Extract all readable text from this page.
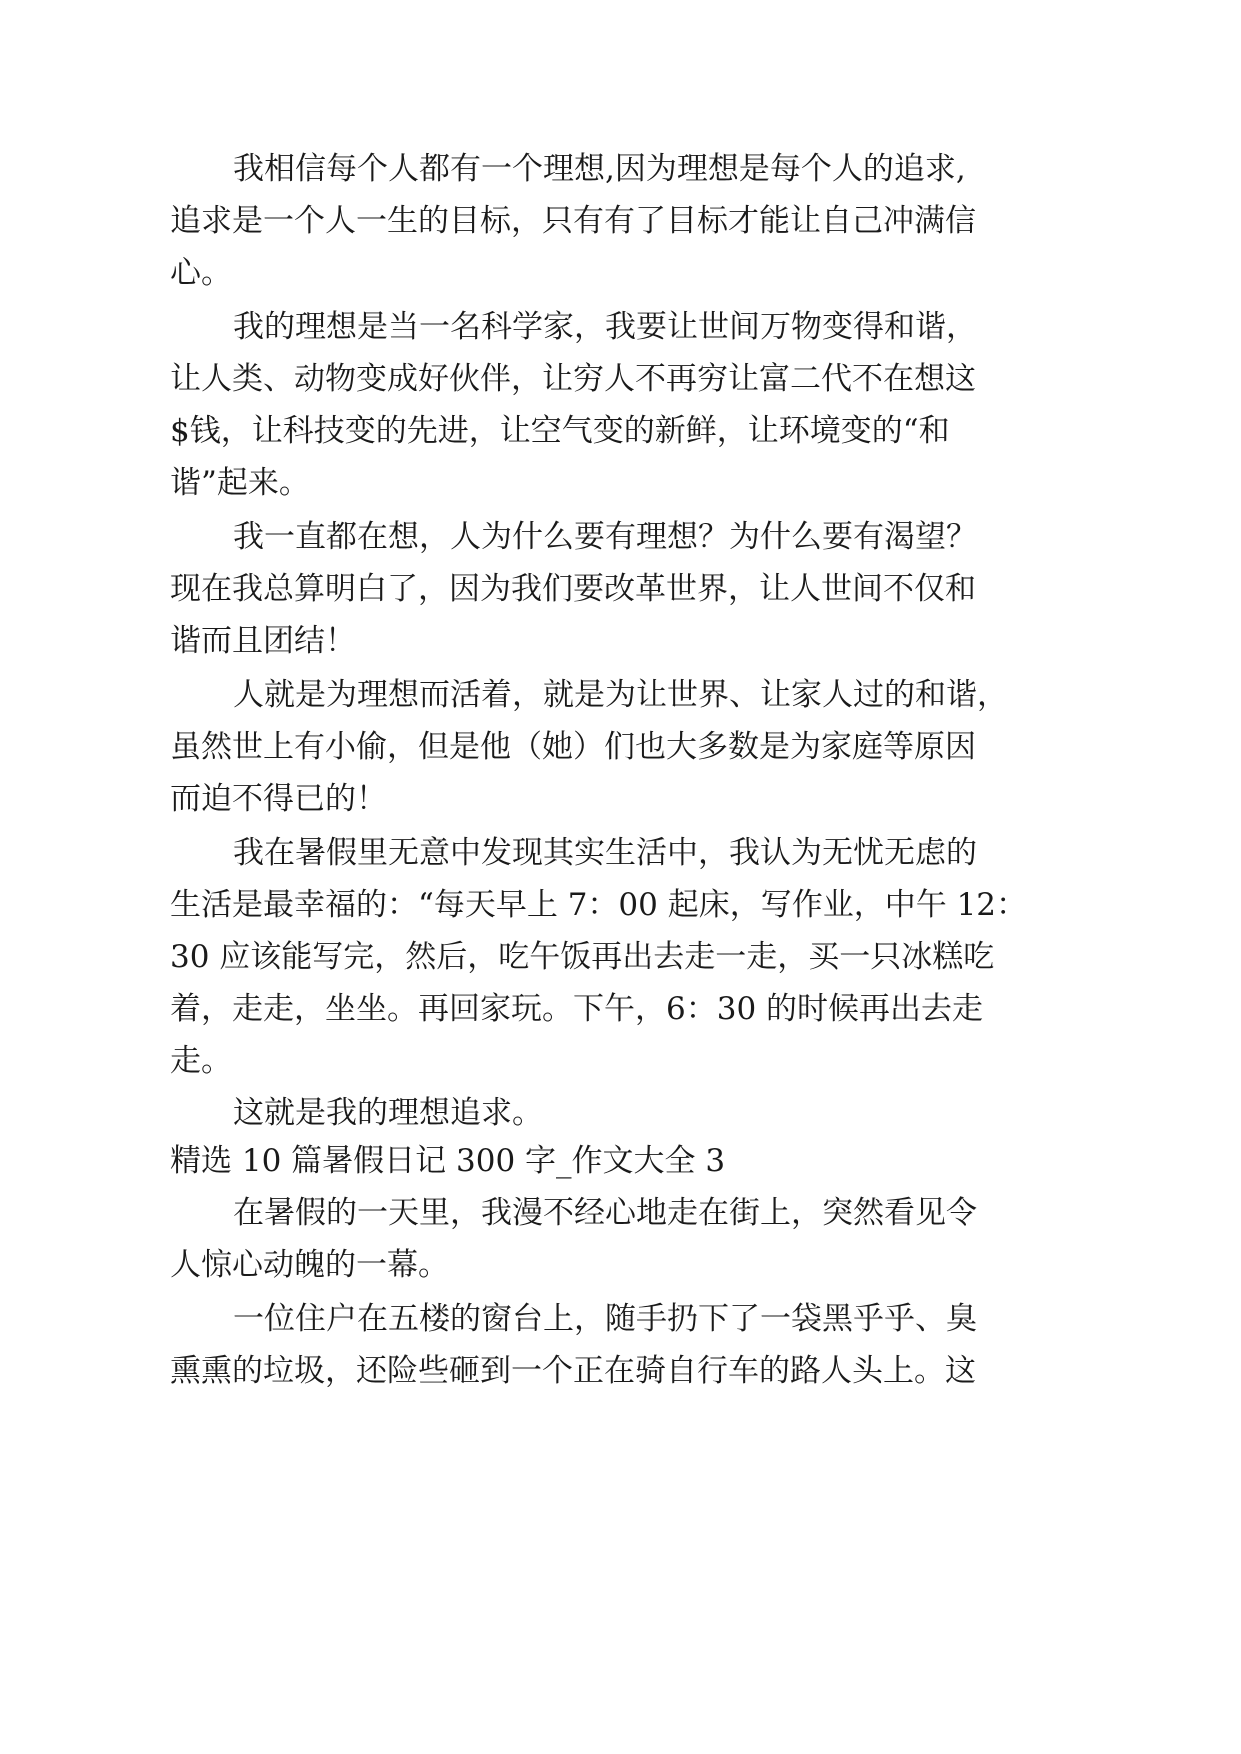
我相信每个人都有一个理想,因为理想是每个人的追求,
追求是一个人一生的目标，只有有了目标才能让自己冲满信
心。
我的理想是当一名科学家，我要让世间万物变得和谐，
让人类、动物变成好伙伴，让穷人不再穷让富二代不在想这
$钱，让科技变的先进，让空气变的新鲜，让环境变的“和
谐”起来。
我一直都在想，人为什么要有理想？为什么要有渴望？
现在我总算明白了，因为我们要改革世界，让人世间不仅和
谐而且团结！
人就是为理想而活着，就是为让世界、让家人过的和谐，
虽然世上有小偷，但是他（她）们也大多数是为家庭等原因
而迫不得已的！
我在暑假里无意中发现其实生活中，我认为无忧无虑的
生活是最幸福的：“每天早上 7：00 起床，写作业，中午 12：
30 应该能写完，然后，吃午饭再出去走一走，买一只冰糕吃
着，走走，坐坐。再回家玩。下午，6：30 的时候再出去走
走。
这就是我的理想追求。
精选 10 篇暑假日记 300 字_作文大全 3
在暑假的一天里，我漫不经心地走在街上，突然看见令
人惊心动魄的一幕。
一位住户在五楼的窗台上，随手扔下了一袋黑乎乎、臭
熏熏的垃圾，还险些砸到一个正在骑自行车的路人头上。这
